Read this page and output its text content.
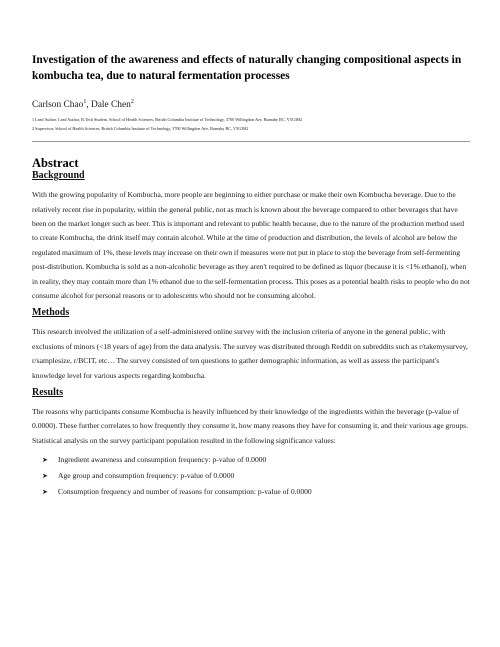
Investigation of the awareness and effects of naturally changing compositional aspects in kombucha tea, due to natural fermentation processes

Carlson Chao$^1$, Dale Chen$^2$

1 Lead Author, Lead Author, B.Tech Student, School of Health Sciences, British Columbia Institute of Technology, 3700 Willingdon Ave, Burnaby BC, V5G3H2

2 Supervisor, School of Health Sciences, British Columbia Institute of Technology, 3700 Willingdon Ave, Burnaby BC, V5G3H2

Abstract
Background

With the growing popularity of Kombucha, more people are beginning to either purchase or make their own Kombucha beverage. Due to the relatively recent rise in popularity, within the general public, not as much is known about the beverage compared to other beverages that have been on the market longer such as beer. This is important and relevant to public health because, due to the nature of the production method used to create Kombucha, the drink itself may contain alcohol. While at the time of production and distribution, the levels of alcohol are below the regulated maximum of 1%, these levels may increase on their own if measures were not put in place to stop the beverage from self-fermenting post-distribution. Kombucha is sold as a non-alcoholic beverage as they aren't required to be defined as liquor (because it is <1% ethanol), when in reality, they may contain more than 1% ethanol due to the self-fermentation process. This poses as a potential health risks to people who do not consume alcohol for personal reasons or to adolescents who should not be consuming alcohol.

Methods

This research involved the utilization of a self-administered online survey with the inclusion criteria of anyone in the general public, with exclusions of minors (<18 years of age) from the data analysis. The survey was distributed through Reddit on subreddits such as r/takemysurvey, r/samplesize, r/BCIT, etc… The survey consisted of ten questions to gather demographic information, as well as assess the participant's knowledge level for various aspects regarding kombucha.

Results

The reasons why participants consume Kombucha is heavily influenced by their knowledge of the ingredients within the beverage (p-value of 0.0000). These further correlates to how frequently they consume it, how many reasons they have for consuming it, and their various age groups. Statistical analysis on the survey participant population resulted in the following significance values:

➤	Ingredient awareness and consumption frequency: p-value of 0.0000
➤	Age group and consumption frequency: p-value of 0.0000
➤	Consumption frequency and number of reasons for consumption: p-value of 0.0000
